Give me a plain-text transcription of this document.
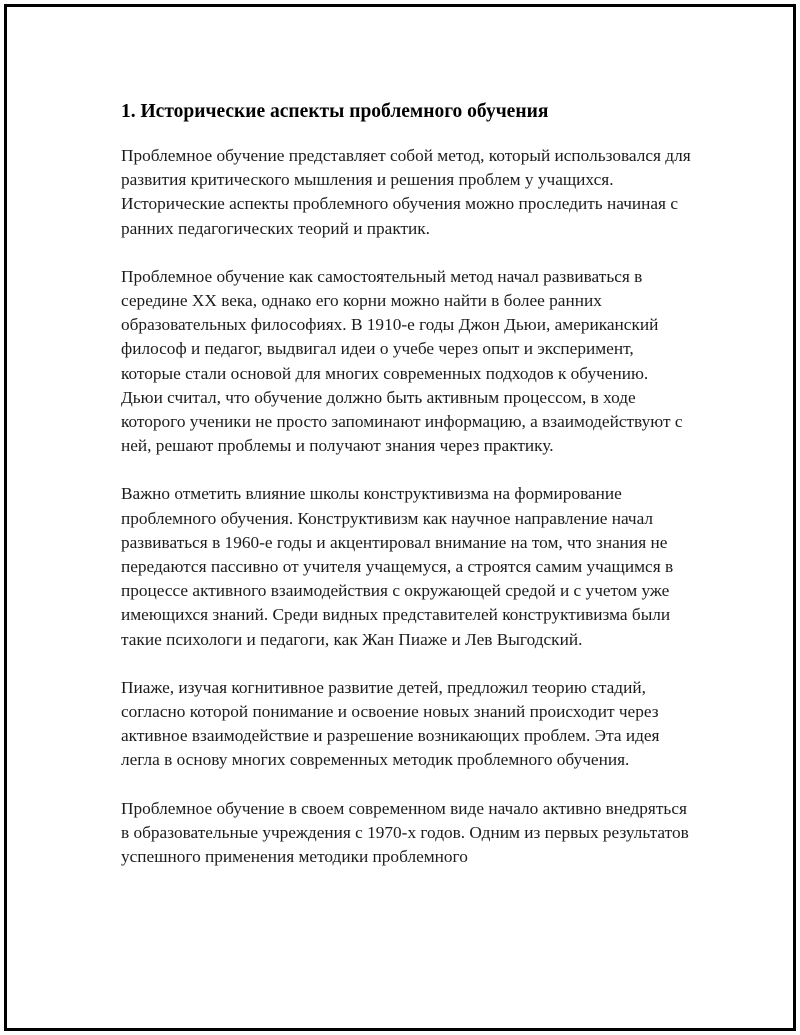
1. Исторические аспекты проблемного обучения

Проблемное обучение представляет собой метод, который использовался для развития критического мышления и решения проблем у учащихся. Исторические аспекты проблемного обучения можно проследить начиная с ранних педагогических теорий и практик.

Проблемное обучение как самостоятельный метод начал развиваться в середине XX века, однако его корни можно найти в более ранних образовательных философиях. В 1910-е годы Джон Дьюи, американский философ и педагог, выдвигал идеи о учебе через опыт и эксперимент, которые стали основой для многих современных подходов к обучению. Дьюи считал, что обучение должно быть активным процессом, в ходе которого ученики не просто запоминают информацию, а взаимодействуют с ней, решают проблемы и получают знания через практику.

Важно отметить влияние школы конструктивизма на формирование проблемного обучения. Конструктивизм как научное направление начал развиваться в 1960-е годы и акцентировал внимание на том, что знания не передаются пассивно от учителя учащемуся, а строятся самим учащимся в процессе активного взаимодействия с окружающей средой и с учетом уже имеющихся знаний. Среди видных представителей конструктивизма были такие психологи и педагоги, как Жан Пиаже и Лев Выгодский.

Пиаже, изучая когнитивное развитие детей, предложил теорию стадий, согласно которой понимание и освоение новых знаний происходит через активное взаимодействие и разрешение возникающих проблем. Эта идея легла в основу многих современных методик проблемного обучения.

Проблемное обучение в своем современном виде начало активно внедряться в образовательные учреждения с 1970-х годов. Одним из первых результатов успешного применения методики проблемного
